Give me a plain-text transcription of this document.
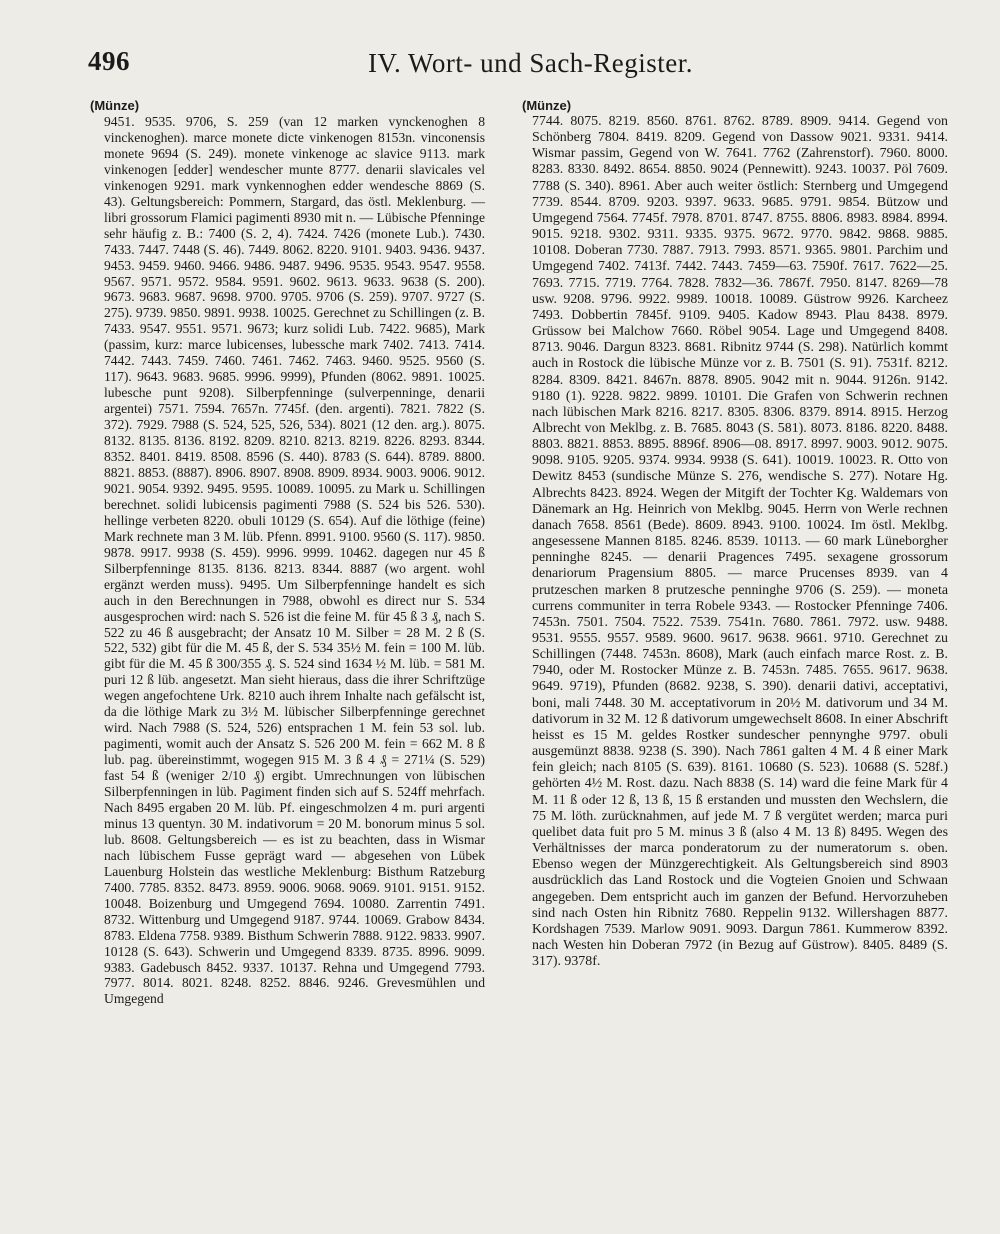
496	IV. Wort- und Sach-Register.
(Münze)
9451. 9535. 9706, S. 259 (van 12 marken vynckenoghen 8 vinckenoghen). marce monete dicte vinkenogen 8153n. vinconensis monete 9694 (S. 249). monete vinkenoge ac slavice 9113. mark vinkenogen [edder] wendescher munte 8777. denarii slavicales vel vinkenogen 9291. mark vynkennoghen edder wendesche 8869 (S. 43). Geltungsbereich: Pommern, Stargard, das östl. Meklenburg. — libri grossorum Flamici pagimenti 8930 mit n. — Lübische Pfenninge sehr häufig z. B.: 7400 (S. 2, 4). 7424. 7426 (monete Lub.). 7430. 7433. 7447. 7448 (S. 46). 7449. 8062. 8220. 9101. 9403. 9436. 9437. 9453. 9459. 9460. 9466. 9486. 9487. 9496. 9535. 9543. 9547. 9558. 9567. 9571. 9572. 9584. 9591. 9602. 9613. 9633. 9638 (S. 200). 9673. 9683. 9687. 9698. 9700. 9705. 9706 (S. 259). 9707. 9727 (S. 275). 9739. 9850. 9891. 9938. 10025. Gerechnet zu Schillingen (z. B. 7433. 9547. 9551. 9571. 9673; kurz solidi Lub. 7422. 9685), Mark (passim, kurz: marce lubicenses, lubessche mark 7402. 7413. 7414. 7442. 7443. 7459. 7460. 7461. 7462. 7463. 9460. 9525. 9560 (S. 117). 9643. 9683. 9685. 9996. 9999), Pfunden (8062. 9891. 10025. lubesche punt 9208). Silberpfenninge (sulverpenninge, denarii argentei) 7571. 7594. 7657n. 7745f. (den. argenti). 7821. 7822 (S. 372). 7929. 7988 (S. 524, 525, 526, 534). 8021 (12 den. arg.). 8075. 8132. 8135. 8136. 8192. 8209. 8210. 8213. 8219. 8226. 8293. 8344. 8352. 8401. 8419. 8508. 8596 (S. 440). 8783 (S. 644). 8789. 8800. 8821. 8853. (8887). 8906. 8907. 8908. 8909. 8934. 9003. 9006. 9012. 9021. 9054. 9392. 9495. 9595. 10089. 10095. zu Mark u. Schillingen berechnet. solidi lubicensis pagimenti 7988 (S. 524 bis 526. 530). hellinge verbeten 8220. obuli 10129 (S. 654). Auf die löthige (feine) Mark rechnete man 3 M. lüb. Pfenn. 8991. 9100. 9560 (S. 117). 9850. 9878. 9917. 9938 (S. 459). 9996. 9999. 10462. dagegen nur 45 ß Silberpfenninge 8135. 8136. 8213. 8344. 8887 (wo argent. wohl ergänzt werden muss). 9495. Um Silberpfenninge handelt es sich auch in den Berechnungen in 7988, obwohl es direct nur S. 534 ausgesprochen wird: nach S. 526 ist die feine M. für 45 ß 3 ₰, nach S. 522 zu 46 ß ausgebracht; der Ansatz 10 M. Silber = 28 M. 2 ß (S. 522, 532) gibt für die M. 45 ß, der S. 534 35½ M. fein = 100 M. lüb. gibt für die M. 45 ß 300/355 ₰. S. 524 sind 1634 ½ M. lüb. = 581 M. puri 12 ß lüb. angesetzt. Man sieht hieraus, dass die ihrer Schriftzüge wegen angefochtene Urk. 8210 auch ihrem Inhalte nach gefälscht ist, da die löthige Mark zu 3½ M. lübischer Silberpfenninge gerechnet wird. Nach 7988 (S. 524, 526) entsprachen 1 M. fein 53 sol. lub. pagimenti, womit auch der Ansatz S. 526 200 M. fein = 662 M. 8 ß lub. pag. übereinstimmt, wogegen 915 M. 3 ß 4 ₰ = 271¼ (S. 529) fast 54 ß (weniger 2/10 ₰) ergibt. Umrechnungen von lübischen Silberpfenningen in lüb. Pagiment finden sich auf S. 524ff mehrfach. Nach 8495 ergaben 20 M. lüb. Pf. eingeschmolzen 4 m. puri argenti minus 13 quentyn. 30 M. indativorum = 20 M. bonorum minus 5 sol. lub. 8608. Geltungsbereich — es ist zu beachten, dass in Wismar nach lübischem Fusse geprägt ward — abgesehen von Lübek Lauenburg Holstein das westliche Meklenburg: Bisthum Ratzeburg 7400. 7785. 8352. 8473. 8959. 9006. 9068. 9069. 9101. 9151. 9152. 10048. Boizenburg und Umgegend 7694. 10080. Zarrentin 7491. 8732. Wittenburg und Umgegend 9187. 9744. 10069. Grabow 8434. 8783. Eldena 7758. 9389. Bisthum Schwerin 7888. 9122. 9833. 9907. 10128 (S. 643). Schwerin und Umgegend 8339. 8735. 8996. 9099. 9383. Gadebusch 8452. 9337. 10137. Rehna und Umgegend 7793. 7977. 8014. 8021. 8248. 8252. 8846. 9246. Grevesmühlen und Umgegend
(Münze)
7744. 8075. 8219. 8560. 8761. 8762. 8789. 8909. 9414. Gegend von Schönberg 7804. 8419. 8209. Gegend von Dassow 9021. 9331. 9414. Wismar passim, Gegend von W. 7641. 7762 (Zahrenstorf). 7960. 8000. 8283. 8330. 8492. 8654. 8850. 9024 (Pennewitt). 9243. 10037. Pöl 7609. 7788 (S. 340). 8961. Aber auch weiter östlich: Sternberg und Umgegend 7739. 8544. 8709. 9203. 9397. 9633. 9685. 9791. 9854. Bützow und Umgegend 7564. 7745f. 7978. 8701. 8747. 8755. 8806. 8983. 8984. 8994. 9015. 9218. 9302. 9311. 9335. 9375. 9672. 9770. 9842. 9868. 9885. 10108. Doberan 7730. 7887. 7913. 7993. 8571. 9365. 9801. Parchim und Umgegend 7402. 7413f. 7442. 7443. 7459—63. 7590f. 7617. 7622—25. 7693. 7715. 7719. 7764. 7828. 7832—36. 7867f. 7950. 8147. 8269—78 usw. 9208. 9796. 9922. 9989. 10018. 10089. Güstrow 9926. Karcheez 7493. Dobbertin 7845f. 9109. 9405. Kadow 8943. Plau 8438. 8979. Grüssow bei Malchow 7660. Röbel 9054. Lage und Umgegend 8408. 8713. 9046. Dargun 8323. 8681. Ribnitz 9744 (S. 298). Natürlich kommt auch in Rostock die lübische Münze vor z. B. 7501 (S. 91). 7531f. 8212. 8284. 8309. 8421. 8467n. 8878. 8905. 9042 mit n. 9044. 9126n. 9142. 9180 (1). 9228. 9822. 9899. 10101. Die Grafen von Schwerin rechnen nach lübischen Mark 8216. 8217. 8305. 8306. 8379. 8914. 8915. Herzog Albrecht von Meklbg. z. B. 7685. 8043 (S. 581). 8073. 8186. 8220. 8488. 8803. 8821. 8853. 8895. 8896f. 8906—08. 8917. 8997. 9003. 9012. 9075. 9098. 9105. 9205. 9374. 9934. 9938 (S. 641). 10019. 10023. R. Otto von Dewitz 8453 (sundische Münze S. 276, wendische S. 277). Notare Hg. Albrechts 8423. 8924. Wegen der Mitgift der Tochter Kg. Waldemars von Dänemark an Hg. Heinrich von Meklbg. 9045. Herrn von Werle rechnen danach 7658. 8561 (Bede). 8609. 8943. 9100. 10024. Im östl. Meklbg. angesessene Mannen 8185. 8246. 8539. 10113. — 60 mark Lüneborgher penninghe 8245. — denarii Pragences 7495. sexagene grossorum denariorum Pragensium 8805. — marce Prucenses 8939. van 4 prutzeschen marken 8 prutzesche penninghe 9706 (S. 259). — moneta currens communiter in terra Robele 9343. — Rostocker Pfenninge 7406. 7453n. 7501. 7504. 7522. 7539. 7541n. 7680. 7861. 7972. usw. 9488. 9531. 9555. 9557. 9589. 9600. 9617. 9638. 9661. 9710. Gerechnet zu Schillingen (7448. 7453n. 8608), Mark (auch einfach marce Rost. z. B. 7940, oder M. Rostocker Münze z. B. 7453n. 7485. 7655. 9617. 9638. 9649. 9719), Pfunden (8682. 9238, S. 390). denarii dativi, acceptativi, boni, mali 7448. 30 M. acceptativorum in 20½ M. dativorum und 34 M. dativorum in 32 M. 12 ß dativorum umgewechselt 8608. In einer Abschrift heisst es 15 M. geldes Rostker sundescher pennynghe 9797. obuli ausgemünzt 8838. 9238 (S. 390). Nach 7861 galten 4 M. 4 ß einer Mark fein gleich; nach 8105 (S. 639). 8161. 10680 (S. 523). 10688 (S. 528f.) gehörten 4½ M. Rost. dazu. Nach 8838 (S. 14) ward die feine Mark für 4 M. 11 ß oder 12 ß, 13 ß, 15 ß erstanden und mussten den Wechslern, die 75 M. löth. zurücknahmen, auf jede M. 7 ß vergütet werden; marca puri quelibet data fuit pro 5 M. minus 3 ß (also 4 M. 13 ß) 8495. Wegen des Verhältnisses der marca ponderatorum zu der numeratorum s. oben. Ebenso wegen der Münzgerechtigkeit. Als Geltungsbereich sind 8903 ausdrücklich das Land Rostock und die Vogteien Gnoien und Schwaan angegeben. Dem entspricht auch im ganzen der Befund. Hervorzuheben sind nach Osten hin Ribnitz 7680. Reppelin 9132. Willershagen 8877. Kordshagen 7539. Marlow 9091. 9093. Dargun 7861. Kummerow 8392. nach Westen hin Doberan 7972 (in Bezug auf Güstrow). 8405. 8489 (S. 317). 9378f.
